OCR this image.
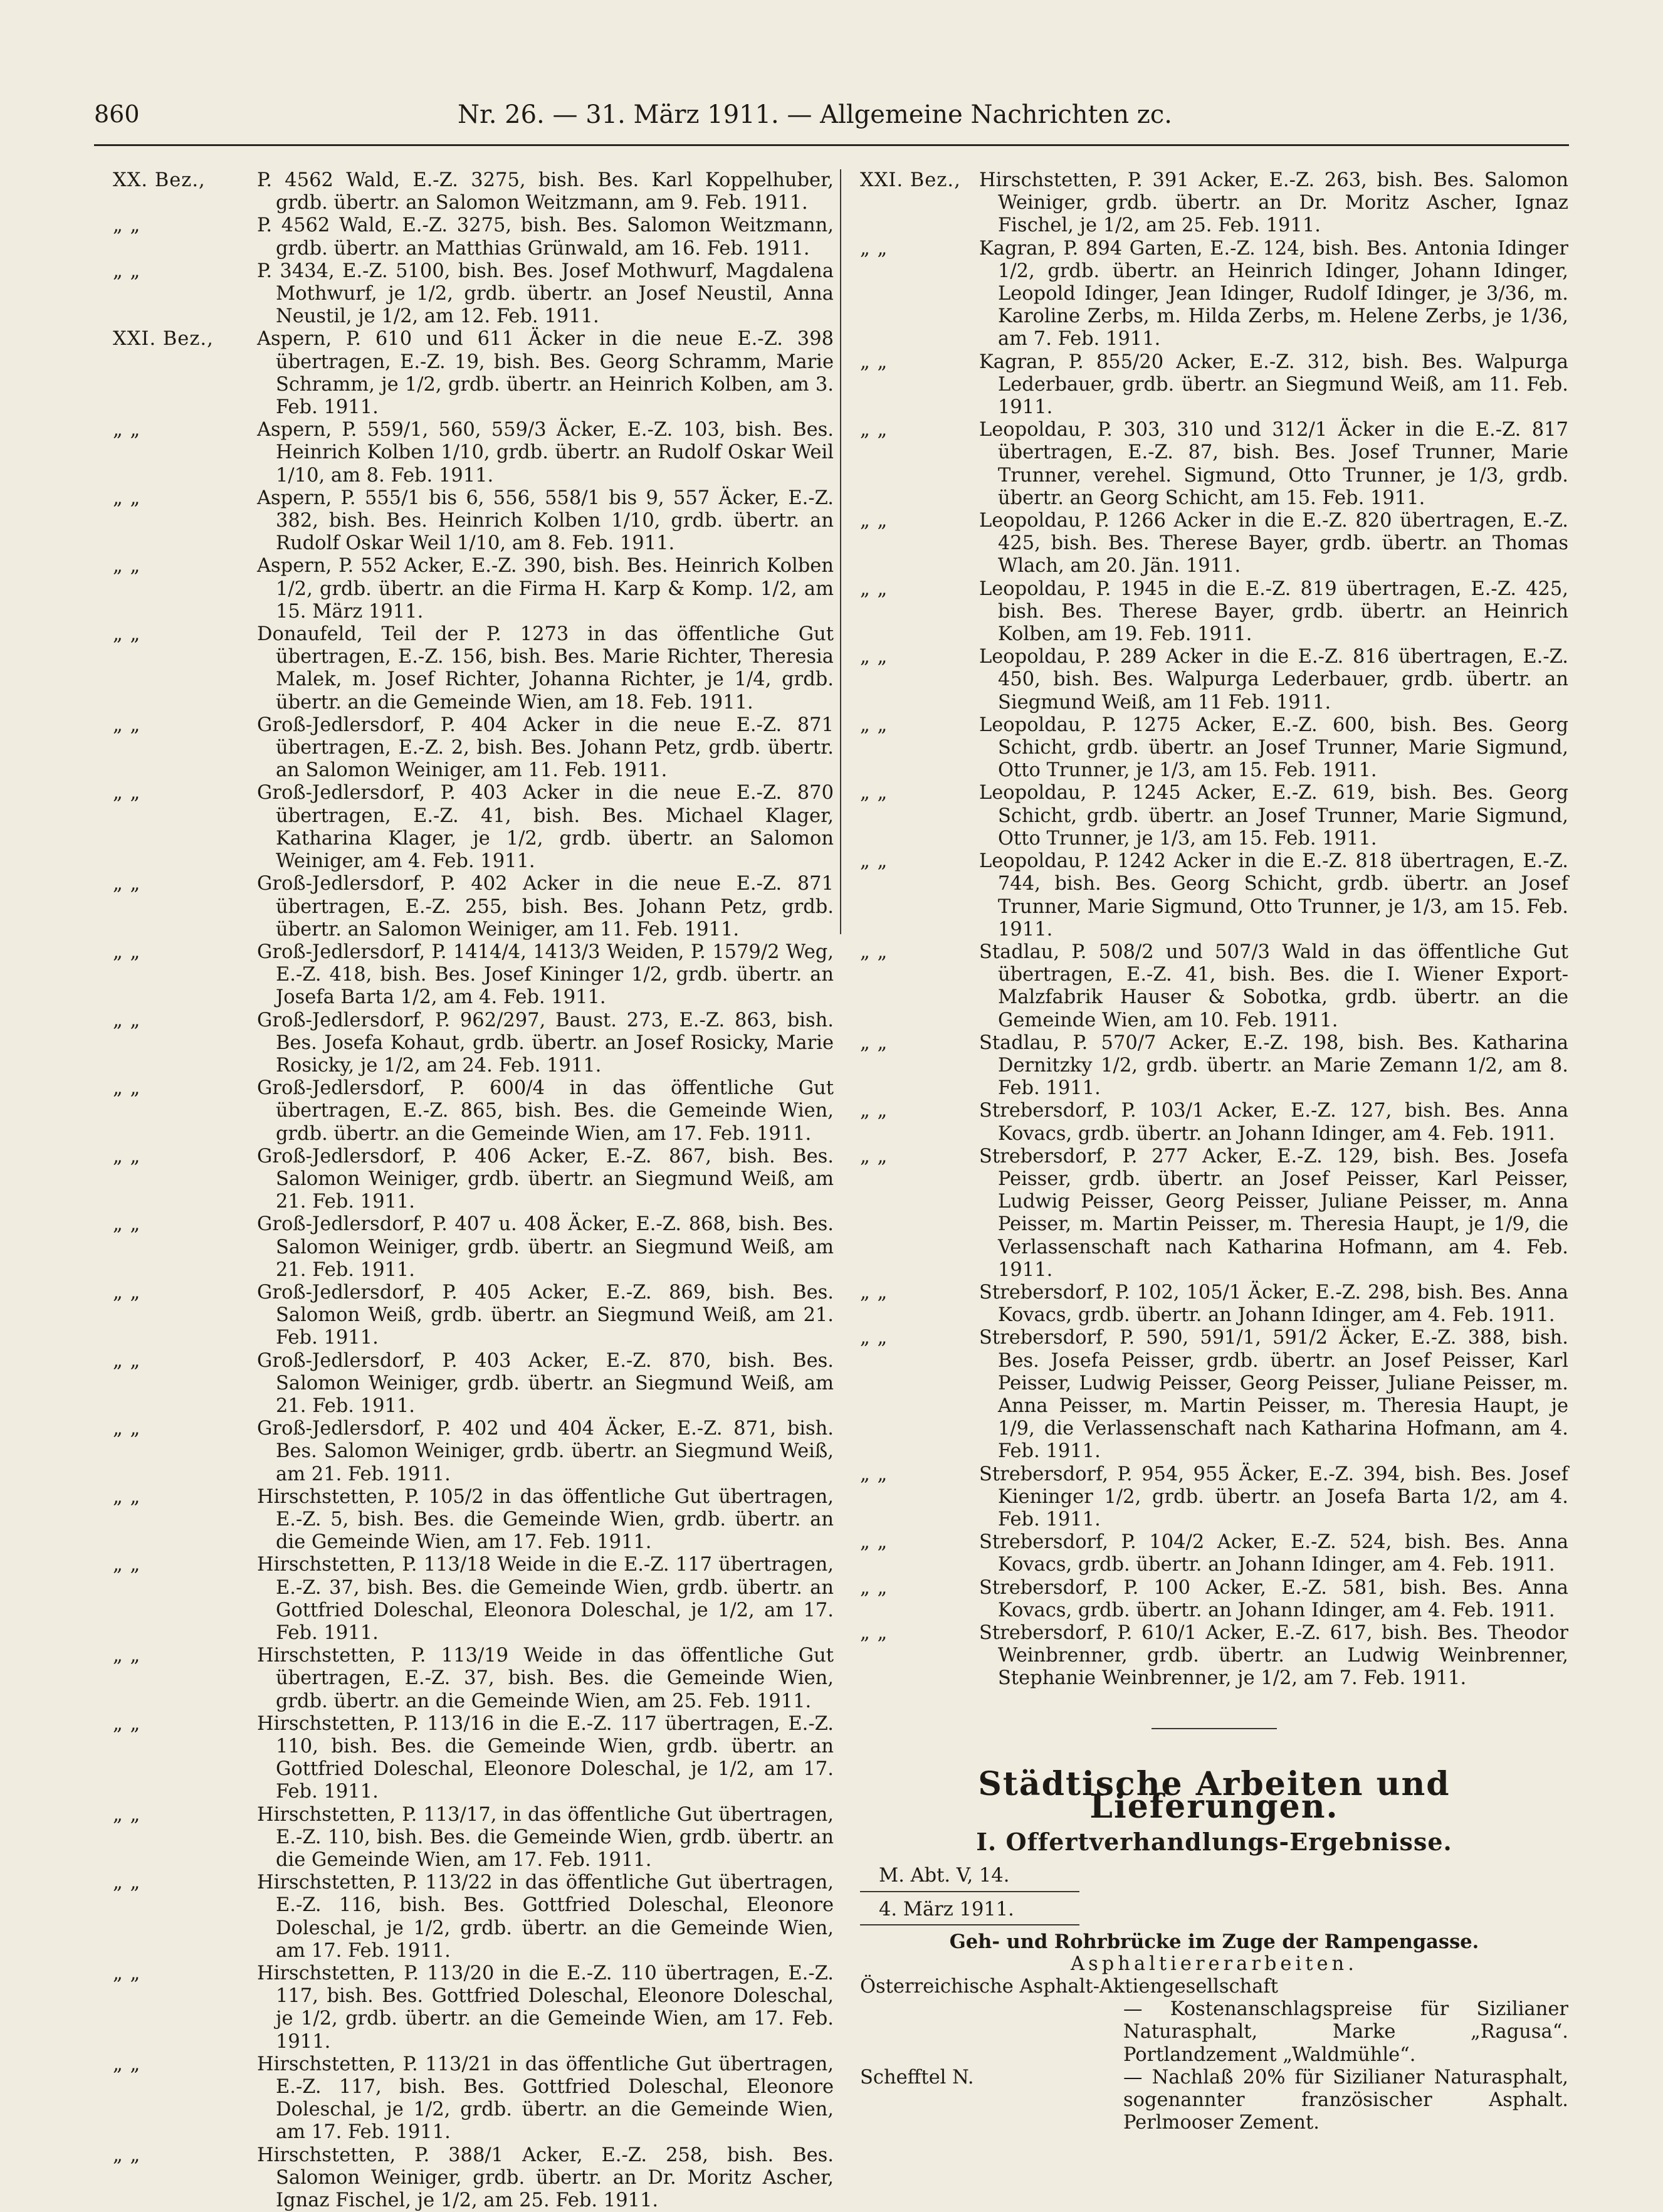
860	Nr. 26. — 31. März 1911. — Allgemeine Nachrichten zc.
XX. Bez.,	P. 4562 Wald, E.-Z. 3275, bish. Bes. Karl Koppelhuber, grdb. übertr. an Salomon Weitzmann, am 9. Feb. 1911.
„ „	P. 4562 Wald, E.-Z. 3275, bish. Bes. Salomon Weitzmann, grdb. übertr. an Matthias Grünwald, am 16. Feb. 1911.
„ „	P. 3434, E.-Z. 5100, bish. Bes. Josef Mothwurf, Magdalena Mothwurf, je 1/2, grdb. übertr. an Josef Neustil, Anna Neustil, je 1/2, am 12. Feb. 1911.
XXI. Bez.,	Aspern, P. 610 und 611 Äcker in die neue E.-Z. 398 übertragen, E.-Z. 19, bish. Bes. Georg Schramm, Marie Schramm, je 1/2, grdb. übertr. an Heinrich Kolben, am 3. Feb. 1911.
„ „	Aspern, P. 559/1, 560, 559/3 Äcker, E.-Z. 103, bish. Bes. Heinrich Kolben 1/10, grdb. übertr. an Rudolf Oskar Weil 1/10, am 8. Feb. 1911.
„ „	Aspern, P. 555/1 bis 6, 556, 558/1 bis 9, 557 Äcker, E.-Z. 382, bish. Bes. Heinrich Kolben 1/10, grdb. übertr. an Rudolf Oskar Weil 1/10, am 8. Feb. 1911.
„ „	Aspern, P. 552 Acker, E.-Z. 390, bish. Bes. Heinrich Kolben 1/2, grdb. übertr. an die Firma H. Karp & Komp. 1/2, am 15. März 1911.
„ „	Donaufeld, Teil der P. 1273 in das öffentliche Gut übertragen, E.-Z. 156, bish. Bes. Marie Richter, Theresia Malek, m. Josef Richter, Johanna Richter, je 1/4, grdb. übertr. an die Gemeinde Wien, am 18. Feb. 1911.
„ „	Groß-Jedlersdorf, P. 404 Acker in die neue E.-Z. 871 übertragen, E.-Z. 2, bish. Bes. Johann Petz, grdb. übertr. an Salomon Weiniger, am 11. Feb. 1911.
„ „	Groß-Jedlersdorf, P. 403 Acker in die neue E.-Z. 870 übertragen, E.-Z. 41, bish. Bes. Michael Klager, Katharina Klager, je 1/2, grdb. übertr. an Salomon Weiniger, am 4. Feb. 1911.
„ „	Groß-Jedlersdorf, P. 402 Acker in die neue E.-Z. 871 übertragen, E.-Z. 255, bish. Bes. Johann Petz, grdb. übertr. an Salomon Weiniger, am 11. Feb. 1911.
„ „	Groß-Jedlersdorf, P. 1414/4, 1413/3 Weiden, P. 1579/2 Weg, E.-Z. 418, bish. Bes. Josef Kininger 1/2, grdb. übertr. an Josefa Barta 1/2, am 4. Feb. 1911.
„ „	Groß-Jedlersdorf, P. 962/297, Baust. 273, E.-Z. 863, bish. Bes. Josefa Kohaut, grdb. übertr. an Josef Rosicky, Marie Rosicky, je 1/2, am 24. Feb. 1911.
„ „	Groß-Jedlersdorf, P. 600/4 in das öffentliche Gut übertragen, E.-Z. 865, bish. Bes. die Gemeinde Wien, grdb. übertr. an die Gemeinde Wien, am 17. Feb. 1911.
„ „	Groß-Jedlersdorf, P. 406 Acker, E.-Z. 867, bish. Bes. Salomon Weiniger, grdb. übertr. an Siegmund Weiß, am 21. Feb. 1911.
„ „	Groß-Jedlersdorf, P. 407 u. 408 Äcker, E.-Z. 868, bish. Bes. Salomon Weiniger, grdb. übertr. an Siegmund Weiß, am 21. Feb. 1911.
„ „	Groß-Jedlersdorf, P. 405 Acker, E.-Z. 869, bish. Bes. Salomon Weiß, grdb. übertr. an Siegmund Weiß, am 21. Feb. 1911.
„ „	Groß-Jedlersdorf, P. 403 Acker, E.-Z. 870, bish. Bes. Salomon Weiniger, grdb. übertr. an Siegmund Weiß, am 21. Feb. 1911.
„ „	Groß-Jedlersdorf, P. 402 und 404 Äcker, E.-Z. 871, bish. Bes. Salomon Weiniger, grdb. übertr. an Siegmund Weiß, am 21. Feb. 1911.
„ „	Hirschstetten, P. 105/2 in das öffentliche Gut übertragen, E.-Z. 5, bish. Bes. die Gemeinde Wien, grdb. übertr. an die Gemeinde Wien, am 17. Feb. 1911.
„ „	Hirschstetten, P. 113/18 Weide in die E.-Z. 117 übertragen, E.-Z. 37, bish. Bes. die Gemeinde Wien, grdb. übertr. an Gottfried Doleschal, Eleonora Doleschal, je 1/2, am 17. Feb. 1911.
„ „	Hirschstetten, P. 113/19 Weide in das öffentliche Gut übertragen, E.-Z. 37, bish. Bes. die Gemeinde Wien, grdb. übertr. an die Gemeinde Wien, am 25. Feb. 1911.
„ „	Hirschstetten, P. 113/16 in die E.-Z. 117 übertragen, E.-Z. 110, bish. Bes. die Gemeinde Wien, grdb. übertr. an Gottfried Doleschal, Eleonore Doleschal, je 1/2, am 17. Feb. 1911.
„ „	Hirschstetten, P. 113/17, in das öffentliche Gut übertragen, E.-Z. 110, bish. Bes. die Gemeinde Wien, grdb. übertr. an die Gemeinde Wien, am 17. Feb. 1911.
„ „	Hirschstetten, P. 113/22 in das öffentliche Gut übertragen, E.-Z. 116, bish. Bes. Gottfried Doleschal, Eleonore Doleschal, je 1/2, grdb. übertr. an die Gemeinde Wien, am 17. Feb. 1911.
„ „	Hirschstetten, P. 113/20 in die E.-Z. 110 übertragen, E.-Z. 117, bish. Bes. Gottfried Doleschal, Eleonore Doleschal, je 1/2, grdb. übertr. an die Gemeinde Wien, am 17. Feb. 1911.
„ „	Hirschstetten, P. 113/21 in das öffentliche Gut übertragen, E.-Z. 117, bish. Bes. Gottfried Doleschal, Eleonore Doleschal, je 1/2, grdb. übertr. an die Gemeinde Wien, am 17. Feb. 1911.
„ „	Hirschstetten, P. 388/1 Acker, E.-Z. 258, bish. Bes. Salomon Weiniger, grdb. übertr. an Dr. Moritz Ascher, Ignaz Fischel, je 1/2, am 25. Feb. 1911.
XXI. Bez., Hirschstetten, P. 391 Acker, E.-Z. 263, bish. Bes. Salomon Weiniger, grdb. übertr. an Dr. Moritz Ascher, Ignaz Fischel, je 1/2, am 25. Feb. 1911.
„ „	Kagran, P. 894 Garten, E.-Z. 124, bish. Bes. Antonia Idinger 1/2, grdb. übertr. an Heinrich Idinger, Johann Idinger, Leopold Idinger, Jean Idinger, Rudolf Idinger, je 3/36, m. Karoline Zerbs, m. Hilda Zerbs, m. Helene Zerbs, je 1/36, am 7. Feb. 1911.
„ „	Kagran, P. 855/20 Acker, E.-Z. 312, bish. Bes. Walpurga Lederbauer, grdb. übertr. an Siegmund Weiß, am 11. Feb. 1911.
„ „	Leopoldau, P. 303, 310 und 312/1 Äcker in die E.-Z. 817 übertragen, E.-Z. 87, bish. Bes. Josef Trunner, Marie Trunner, verehel. Sigmund, Otto Trunner, je 1/3, grdb. übertr. an Georg Schicht, am 15. Feb. 1911.
„ „	Leopoldau, P. 1266 Acker in die E.-Z. 820 übertragen, E.-Z. 425, bish. Bes. Therese Bayer, grdb. übertr. an Thomas Wlach, am 20. Jän. 1911.
„ „	Leopoldau, P. 1945 in die E.-Z. 819 übertragen, E.-Z. 425, bish. Bes. Therese Bayer, grdb. übertr. an Heinrich Kolben, am 19. Feb. 1911.
„ „	Leopoldau, P. 289 Acker in die E.-Z. 816 übertragen, E.-Z. 450, bish. Bes. Walpurga Lederbauer, grdb. übertr. an Siegmund Weiß, am 11 Feb. 1911.
„ „	Leopoldau, P. 1275 Acker, E.-Z. 600, bish. Bes. Georg Schicht, grdb. übertr. an Josef Trunner, Marie Sigmund, Otto Trunner, je 1/3, am 15. Feb. 1911.
„ „	Leopoldau, P. 1245 Acker, E.-Z. 619, bish. Bes. Georg Schicht, grdb. übertr. an Josef Trunner, Marie Sigmund, Otto Trunner, je 1/3, am 15. Feb. 1911.
„ „	Leopoldau, P. 1242 Acker in die E.-Z. 818 übertragen, E.-Z. 744, bish. Bes. Georg Schicht, grdb. übertr. an Josef Trunner, Marie Sigmund, Otto Trunner, je 1/3, am 15. Feb. 1911.
„ „	Stadlau, P. 508/2 und 507/3 Wald in das öffentliche Gut übertragen, E.-Z. 41, bish. Bes. die I. Wiener Export-Malzfabrik Hauser & Sobotka, grdb. übertr. an die Gemeinde Wien, am 10. Feb. 1911.
„ „	Stadlau, P. 570/7 Acker, E.-Z. 198, bish. Bes. Katharina Dernitzky 1/2, grdb. übertr. an Marie Zemann 1/2, am 8. Feb. 1911.
„ „	Strebersdorf, P. 103/1 Acker, E.-Z. 127, bish. Bes. Anna Kovacs, grdb. übertr. an Johann Idinger, am 4. Feb. 1911.
„ „	Strebersdorf, P. 277 Acker, E.-Z. 129, bish. Bes. Josefa Peisser, grdb. übertr. an Josef Peisser, Karl Peisser, Ludwig Peisser, Georg Peisser, Juliane Peisser, m. Anna Peisser, m. Martin Peisser, m. Theresia Haupt, je 1/9, die Verlassenschaft nach Katharina Hofmann, am 4. Feb. 1911.
„ „	Strebersdorf, P. 102, 105/1 Äcker, E.-Z. 298, bish. Bes. Anna Kovacs, grdb. übertr. an Johann Idinger, am 4. Feb. 1911.
„ „	Strebersdorf, P. 590, 591/1, 591/2 Äcker, E.-Z. 388, bish. Bes. Josefa Peisser, grdb. übertr. an Josef Peisser, Karl Peisser, Ludwig Peisser, Georg Peisser, Juliane Peisser, m. Anna Peisser, m. Martin Peisser, m. Theresia Haupt, je 1/9, die Verlassenschaft nach Katharina Hofmann, am 4. Feb. 1911.
„ „	Strebersdorf, P. 954, 955 Äcker, E.-Z. 394, bish. Bes. Josef Kieninger 1/2, grdb. übertr. an Josefa Barta 1/2, am 4. Feb. 1911.
„ „	Strebersdorf, P. 104/2 Acker, E.-Z. 524, bish. Bes. Anna Kovacs, grdb. übertr. an Johann Idinger, am 4. Feb. 1911.
„ „	Strebersdorf, P. 100 Acker, E.-Z. 581, bish. Bes. Anna Kovacs, grdb. übertr. an Johann Idinger, am 4. Feb. 1911.
„ „	Strebersdorf, P. 610/1 Acker, E.-Z. 617, bish. Bes. Theodor Weinbrenner, grdb. übertr. an Ludwig Weinbrenner, Stephanie Weinbrenner, je 1/2, am 7. Feb. 1911.
Städtische Arbeiten und Lieferungen.
I. Offertverhandlungs-Ergebnisse.
M. Abt. V, 14.
4. März 1911.
Geh- und Rohrbrücke im Zuge der Rampengasse.
Asphaltiererarbeiten.
Österreichische Asphalt-Aktiengesellschaft
— Kostenanschlagspreise für Sizilianer Naturasphalt, Marke „Ragusa“. Portlandzement „Waldmühle“.
Schefftel N.	— Nachlaß 20% für Sizilianer Naturasphalt, sogenannter französischer Asphalt. Perlmooser Zement.
